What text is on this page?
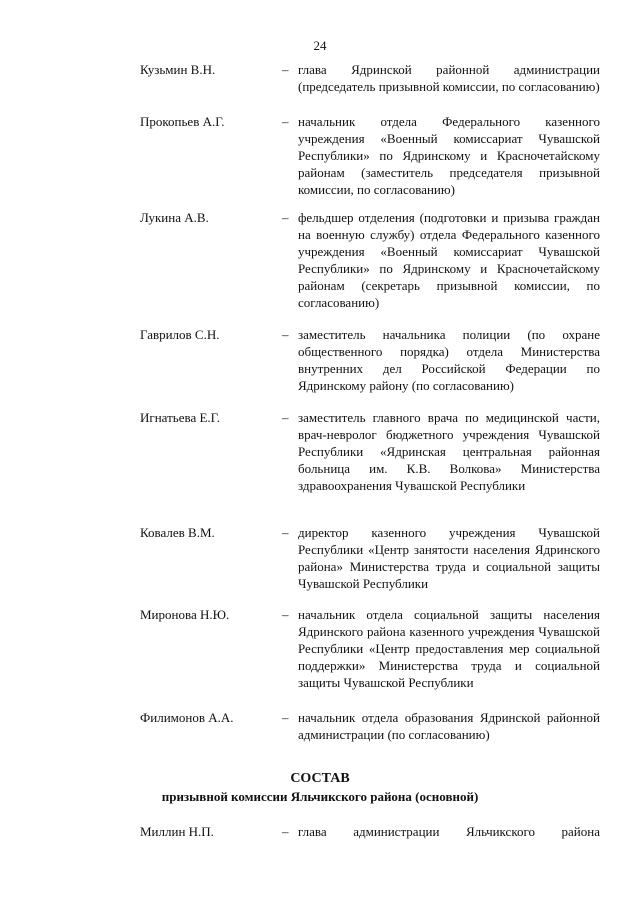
24
Кузьмин В.Н.	– глава Ядринской районной администрации (председатель призывной комиссии, по согласованию)
Прокопьев А.Г.	– начальник отдела Федерального казенного учреждения «Военный комиссариат Чувашской Республики» по Ядринскому и Красночетайскому районам (заместитель председателя призывной комиссии, по согласованию)
Лукина А.В.	– фельдшер отделения (подготовки и призыва граждан на военную службу) отдела Федерального казенного учреждения «Военный комиссариат Чувашской Республики» по Ядринскому и Красночетайскому районам (секретарь призывной комиссии, по согласованию)
Гаврилов С.Н.	– заместитель начальника полиции (по охране общественного порядка) отдела Министерства внутренних дел Российской Федерации по Ядринскому району (по согласованию)
Игнатьева Е.Г.	– заместитель главного врача по медицинской части, врач-невролог бюджетного учреждения Чувашской Республики «Ядринская центральная районная больница им. К.В. Волкова» Министерства здравоохранения Чувашской Республики
Ковалев В.М.	– директор казенного учреждения Чувашской Республики «Центр занятости населения Ядринского района» Министерства труда и социальной защиты Чувашской Республики
Миронова Н.Ю.	– начальник отдела социальной защиты населения Ядринского района казенного учреждения Чувашской Республики «Центр предоставления мер социальной поддержки» Министерства труда и социальной защиты Чувашской Республики
Филимонов А.А.	– начальник отдела образования Ядринской районной администрации (по согласованию)
СОСТАВ
призывной комиссии Яльчикского района (основной)
Миллин Н.П.	– глава администрации Яльчикского района
